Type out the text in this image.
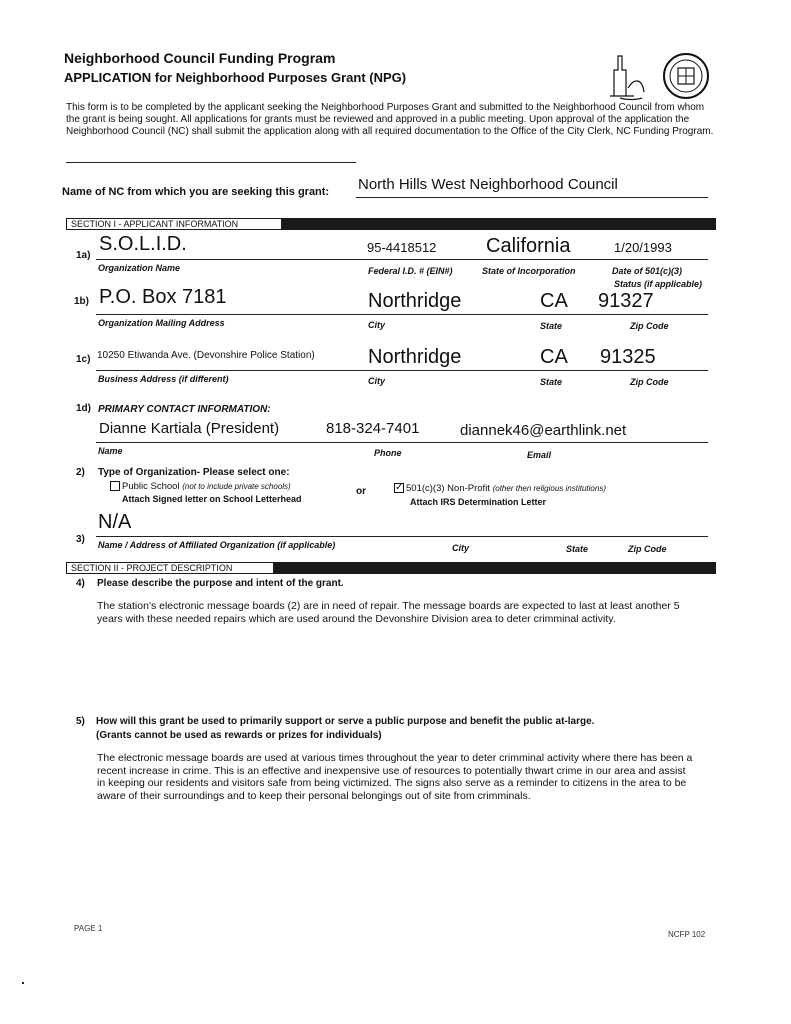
Neighborhood Council Funding Program
APPLICATION for Neighborhood Purposes Grant (NPG)
This form is to be completed by the applicant seeking the Neighborhood Purposes Grant and submitted to the Neighborhood Council from whom the grant is being sought. All applications for grants must be reviewed and approved in a public meeting. Upon approval of the application the Neighborhood Council (NC) shall submit the application along with all required documentation to the Office of the City Clerk, NC Funding Program.
Name of NC from which you are seeking this grant: North Hills West Neighborhood Council
SECTION I - APPLICANT INFORMATION
1a)
S.O.L.I.D.	95-4418512 California	1/20/1993
Organization Name	Federal I.D. # (EIN#)	State of Incorporation	Date of 501(c)(3)
Status (if applicable)
1b) P.O. Box 7181	Northridge	CA 91327
Organization Mailing Address	City	State	Zip Code
1c) 10250 Etiwanda Ave. (Devonshire Police Station)	Northridge	CA 91325
Business Address (if different)	City	State	Zip Code
1d) PRIMARY CONTACT INFORMATION:
Dianne Kartiala (President)	818-324-7401	diannek46@earthlink.net
Name	Phone	Email
2) Type of Organization- Please select one:
Public School (not to include private schools)
Attach Signed letter on School Letterhead
or	✓ 501(c)(3) Non-Profit (other then religious institutions)
Attach IRS Determination Letter
N/A
3) Name / Address of Affiliated Organization (if applicable)	City	State	Zip Code
SECTION II - PROJECT DESCRIPTION
4) Please describe the purpose and intent of the grant.
The station's electronic message boards (2) are in need of repair. The message boards are expected to last at least another 5 years with these needed repairs which are used around the Devonshire Division area to deter crimminal activity.
5) How will this grant be used to primarily support or serve a public purpose and benefit the public at-large.
(Grants cannot be used as rewards or prizes for individuals)
The electronic message boards are used at various times throughout the year to deter crimminal activity where there has been a recent increase in crime. This is an effective and inexpensive use of resources to potentially thwart crime in our area and assist in keeping our residents and visitors safe from being victimized. The signs also serve as a reminder to citizens in the area to be aware of their surroundings and to keep their personal belongings out of site from crimminals.
PAGE 1
NCFP 102
